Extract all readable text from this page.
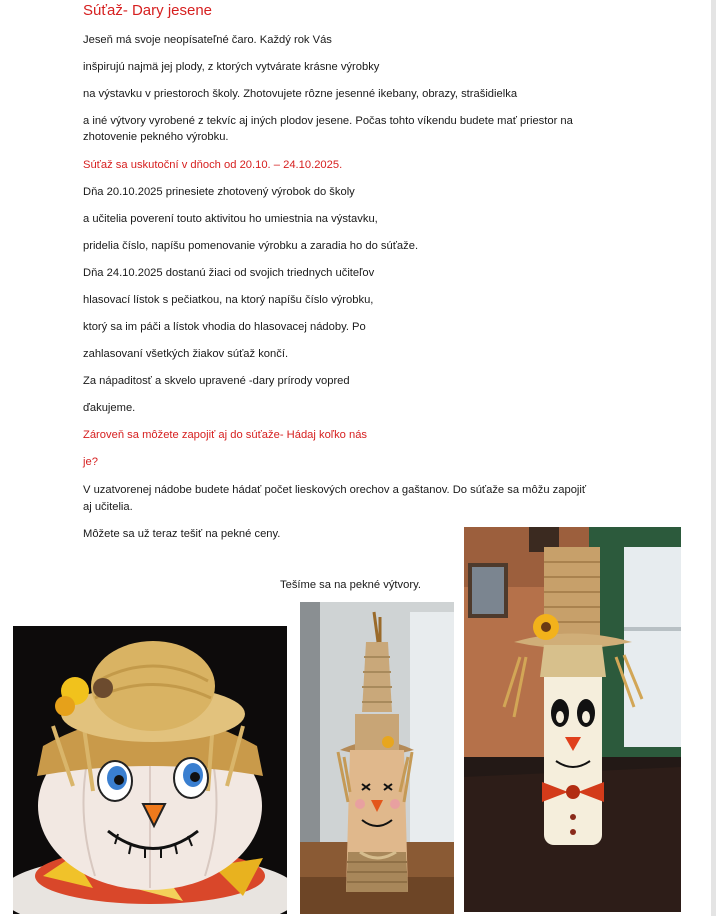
Súťaž- Dary jesene
Jeseň má svoje neopísateľné čaro. Každý rok Vás
inšpirujú najmä jej plody, z ktorých vytvárate krásne výrobky
na výstavku v priestoroch školy. Zhotovujete rôzne jesenné ikebany, obrazy, strašidielka
a iné výtvory vyrobené z tekvíc aj iných plodov jesene. Počas tohto víkendu budete mať priestor na
zhotovenie pekného výrobku.
Súťaž sa uskutoční v dňoch od 20.10. – 24.10.2025.
Dňa 20.10.2025 prinesiete zhotovený výrobok do školy
a učitelia poverení touto aktivitou ho umiestnia na výstavku,
pridelia číslo, napíšu pomenovanie výrobku a zaradia ho do súťaže.
Dňa 24.10.2025 dostanú žiaci od svojich triednych učiteľov
hlasovací lístok s pečiatkou, na ktorý napíšu číslo výrobku,
ktorý sa im páči a lístok vhodia do hlasovacej nádoby. Po
zahlasovaní všetkých žiakov súťaž končí.
Za nápaditosť a skvelo upravené -dary prírody vopred
ďakujeme.
Zároveň sa môžete zapojiť aj do súťaže- Hádaj koľko nás
je?
V uzatvorenej nádobe budete hádať počet lieskových orechov a gaštanov. Do súťaže sa môžu zapojiť
aj učitelia.
Môžete sa už teraz tešiť na pekné ceny.
Tešíme sa na pekné výtvory.
